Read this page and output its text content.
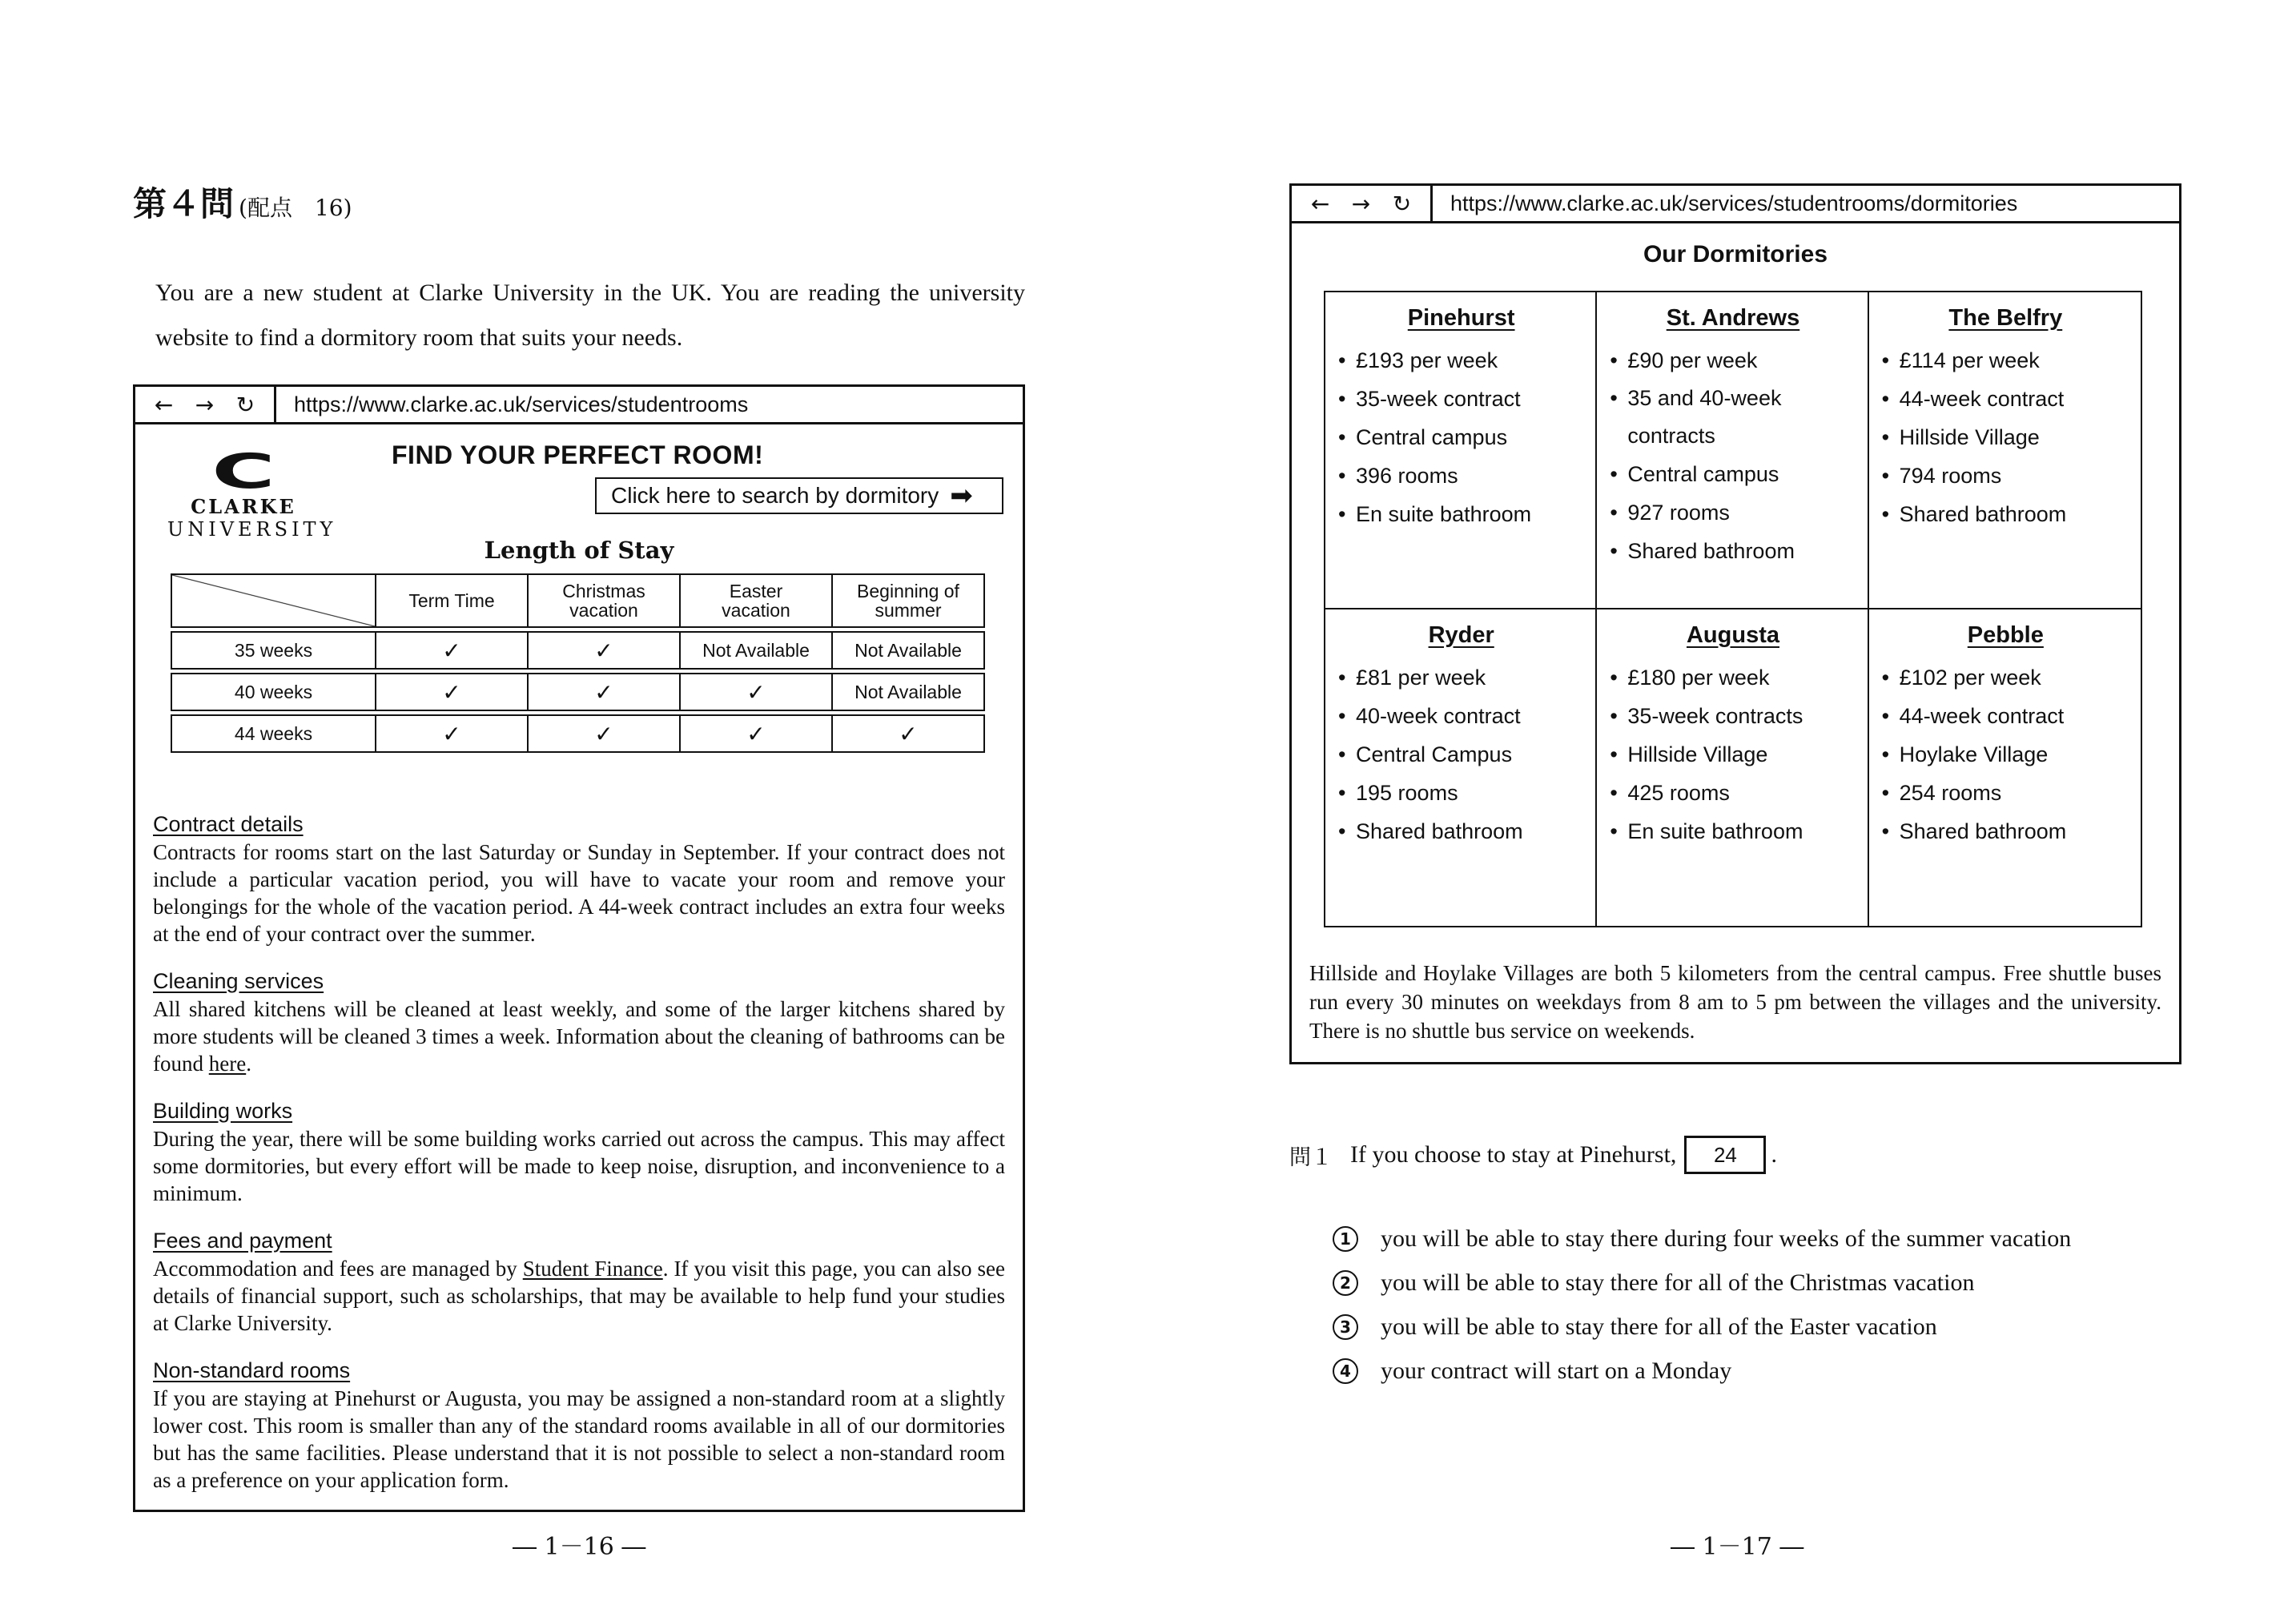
第４問 (配点　16)
You are a new student at Clarke University in the UK. You are reading the university website to find a dormitory room that suits your needs.
← → ↻	https://www.clarke.ac.uk/services/studentrooms
C
CLARKE
UNIVERSITY
FIND YOUR PERFECT ROOM!
Click here to search by dormitory ➡
Length of Stay
	Term Time	Christmas vacation	Easter vacation	Beginning of summer

35 weeks	✓	✓	Not Available	Not Available

40 weeks	✓	✓	✓	Not Available

44 weeks	✓	✓	✓	✓
Contract details

Contracts for rooms start on the last Saturday or Sunday in September. If your contract does not include a particular vacation period, you will have to vacate your room and remove your belongings for the whole of the vacation period. A 44-week contract includes an extra four weeks at the end of your contract over the summer.

Cleaning services

All shared kitchens will be cleaned at least weekly, and some of the larger kitchens shared by more students will be cleaned 3 times a week. Information about the cleaning of bathrooms can be found here.

Building works

During the year, there will be some building works carried out across the campus. This may affect some dormitories, but every effort will be made to keep noise, disruption, and inconvenience to a minimum.

Fees and payment

Accommodation and fees are managed by Student Finance. If you visit this page, you can also see details of financial support, such as scholarships, that may be available to help fund your studies at Clarke University.

Non-standard rooms

If you are staying at Pinehurst or Augusta, you may be assigned a non-standard room at a slightly lower cost. This room is smaller than any of the standard rooms available in all of our dormitories but has the same facilities. Please understand that it is not possible to select a non-standard room as a preference on your application form.

― 1－16 ―
← → ↻	https://www.clarke.ac.uk/services/studentrooms/dormitories
Our Dormitories
Pinehurst
• £193 per week
• 35-week contract
• Central campus
• 396 rooms
• En suite bathroom
St. Andrews
• £90 per week
• 35 and 40-week contracts
• Central campus
• 927 rooms
• Shared bathroom
The Belfry
• £114 per week
• 44-week contract
• Hillside Village
• 794 rooms
• Shared bathroom
Ryder
• £81 per week
• 40-week contract
• Central Campus
• 195 rooms
• Shared bathroom
Augusta
• £180 per week
• 35-week contracts
• Hillside Village
• 425 rooms
• En suite bathroom
Pebble
• £102 per week
• 44-week contract
• Hoylake Village
• 254 rooms
• Shared bathroom
Hillside and Hoylake Villages are both 5 kilometers from the central campus. Free shuttle buses run every 30 minutes on weekdays from 8 am to 5 pm between the villages and the university. There is no shuttle bus service on weekends.
問１ If you choose to stay at Pinehurst,	24	.
1	you will be able to stay there during four weeks of the summer vacation
2	you will be able to stay there for all of the Christmas vacation
3	you will be able to stay there for all of the Easter vacation
4	your contract will start on a Monday
― 1－17 ―
